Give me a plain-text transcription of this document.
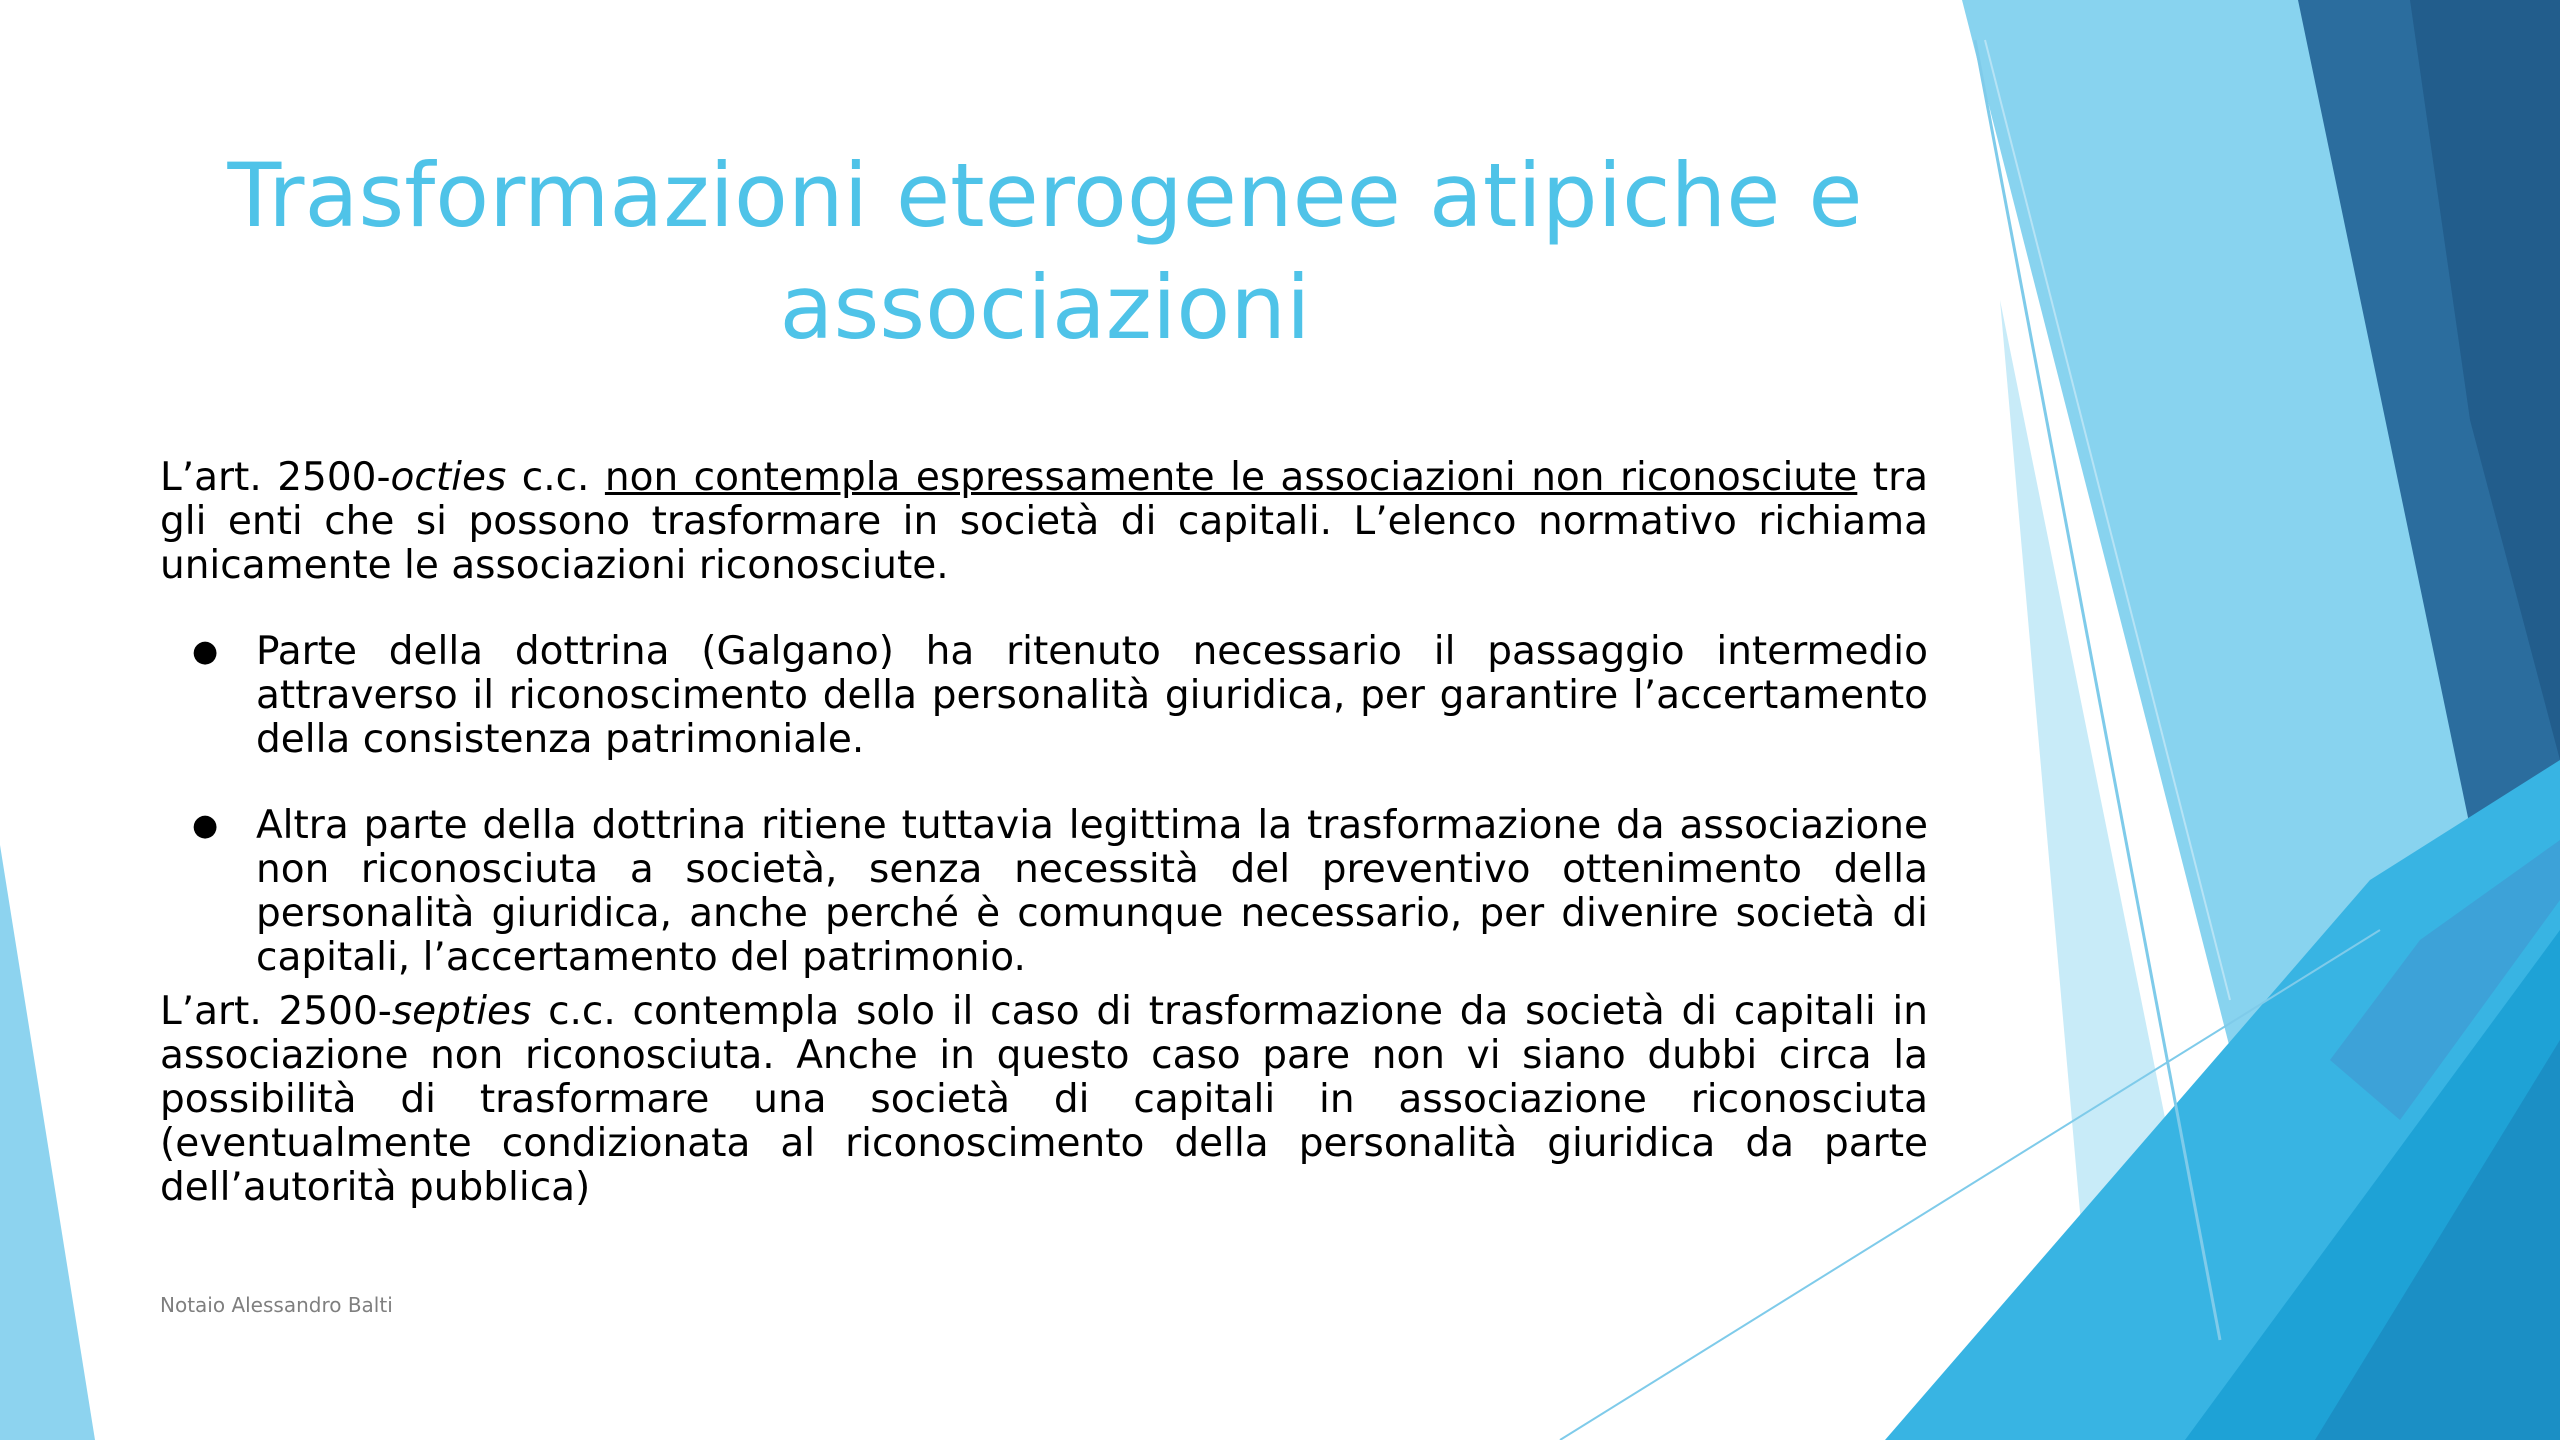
Trasformazioni eterogenee atipiche e
associazioni

L’art. 2500-octies c.c. non contempla espressamente le associazioni non riconosciute tra gli enti che si possono trasformare in società di capitali. L’elenco normativo richiama unicamente le associazioni riconosciute.

● Parte della dottrina (Galgano) ha ritenuto necessario il passaggio intermedio attraverso il riconoscimento della personalità giuridica, per garantire l’accertamento della consistenza patrimoniale.
● Altra parte della dottrina ritiene tuttavia legittima la trasformazione da associazione non riconosciuta a società, senza necessità del preventivo ottenimento della personalità giuridica, anche perché è comunque necessario, per divenire società di capitali, l’accertamento del patrimonio.

L’art. 2500-septies c.c. contempla solo il caso di trasformazione da società di capitali in associazione non riconosciuta. Anche in questo caso pare non vi siano dubbi circa la possibilità di trasformare una società di capitali in associazione riconosciuta (eventualmente condizionata al riconoscimento della personalità giuridica da parte dell’autorità pubblica)

Notaio Alessandro Balti
